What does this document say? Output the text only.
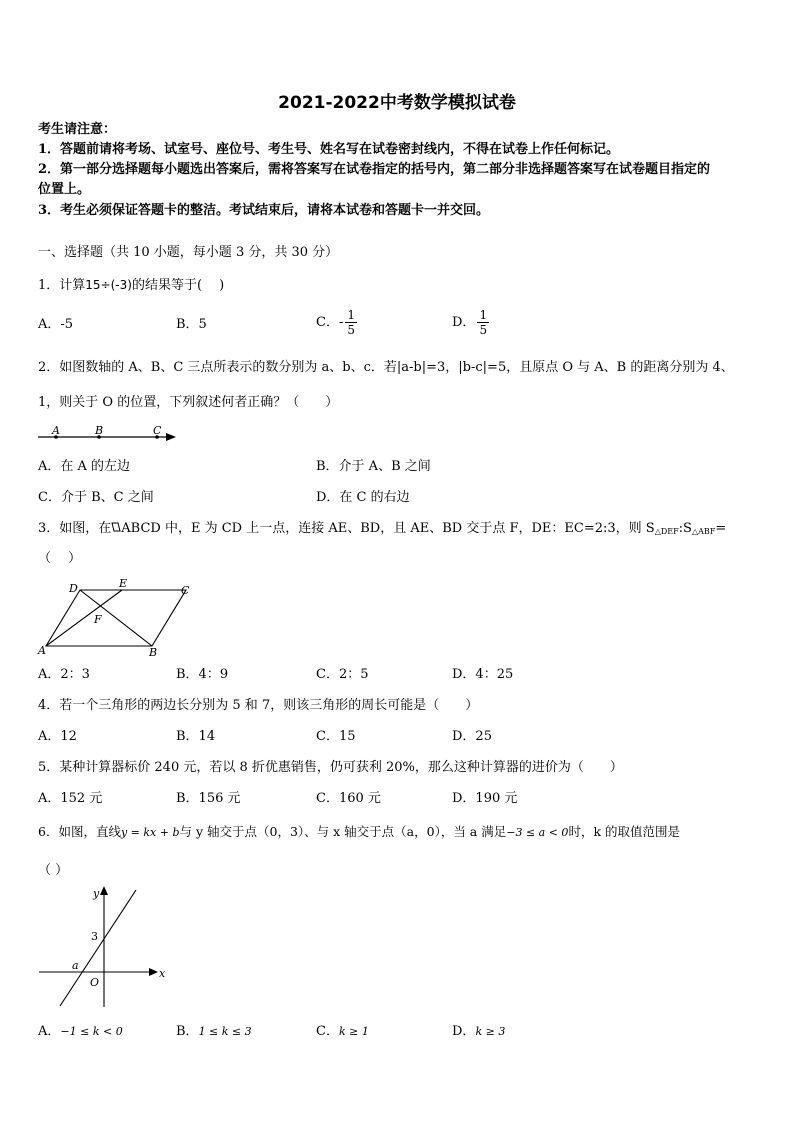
2021-2022中考数学模拟试卷
考生请注意：
1．答题前请将考场、试室号、座位号、考生号、姓名写在试卷密封线内，不得在试卷上作任何标记。
2．第一部分选择题每小题选出答案后，需将答案写在试卷指定的括号内，第二部分非选择题答案写在试卷题目指定的
位置上。
3．考生必须保证答题卡的整洁。考试结束后，请将本试卷和答题卡一并交回。
一、选择题（共 10 小题，每小题 3 分，共 30 分）
1．计算15÷(-3)的结果等于(　 )
A．-5	B．5	C．- $\frac{1}{5}$	D． $\frac{1}{5}$
2．如图数轴的 A、B、C 三点所表示的数分别为 a、b、c．若|a-b|=3，|b-c|=5，且原点 O 与 A、B 的距离分别为 4、
1，则关于 O 的位置，下列叙述何者正确？（　　）
A	B	C
A．在 A 的左边	B．介于 A、B 之间
C．介于 B、C 之间	D．在 C 的右边
3．如图，在 ABCD 中，E 为 CD 上一点，连接 AE、BD，且 AE、BD 交于点 F，DE：EC=2:3，则 $S_{\triangle DEF}:S_{\triangle ABF}=$
（　 ）
A	B
C
D	E
F
A．2：3	B．4：9	C．2：5	D．4：25
4．若一个三角形的两边长分别为 5 和 7，则该三角形的周长可能是（　　）
A．12	B．14	C．15	D．25
5．某种计算器标价 240 元，若以 8 折优惠销售，仍可获利 20%，那么这种计算器的进价为（　　）
A．152 元	B．156 元	C．160 元	D．190 元
6．如图，直线y = kx + b与 y 轴交于点（0，3）、与 x 轴交于点（a，0），当 a 满足−3 ≤ a < 0时，k 的取值范围是
（ ）
y
x
3
a
O
A．−1 ≤ k < 0	B．1 ≤ k ≤ 3	C．k ≥ 1	D．k ≥ 3
